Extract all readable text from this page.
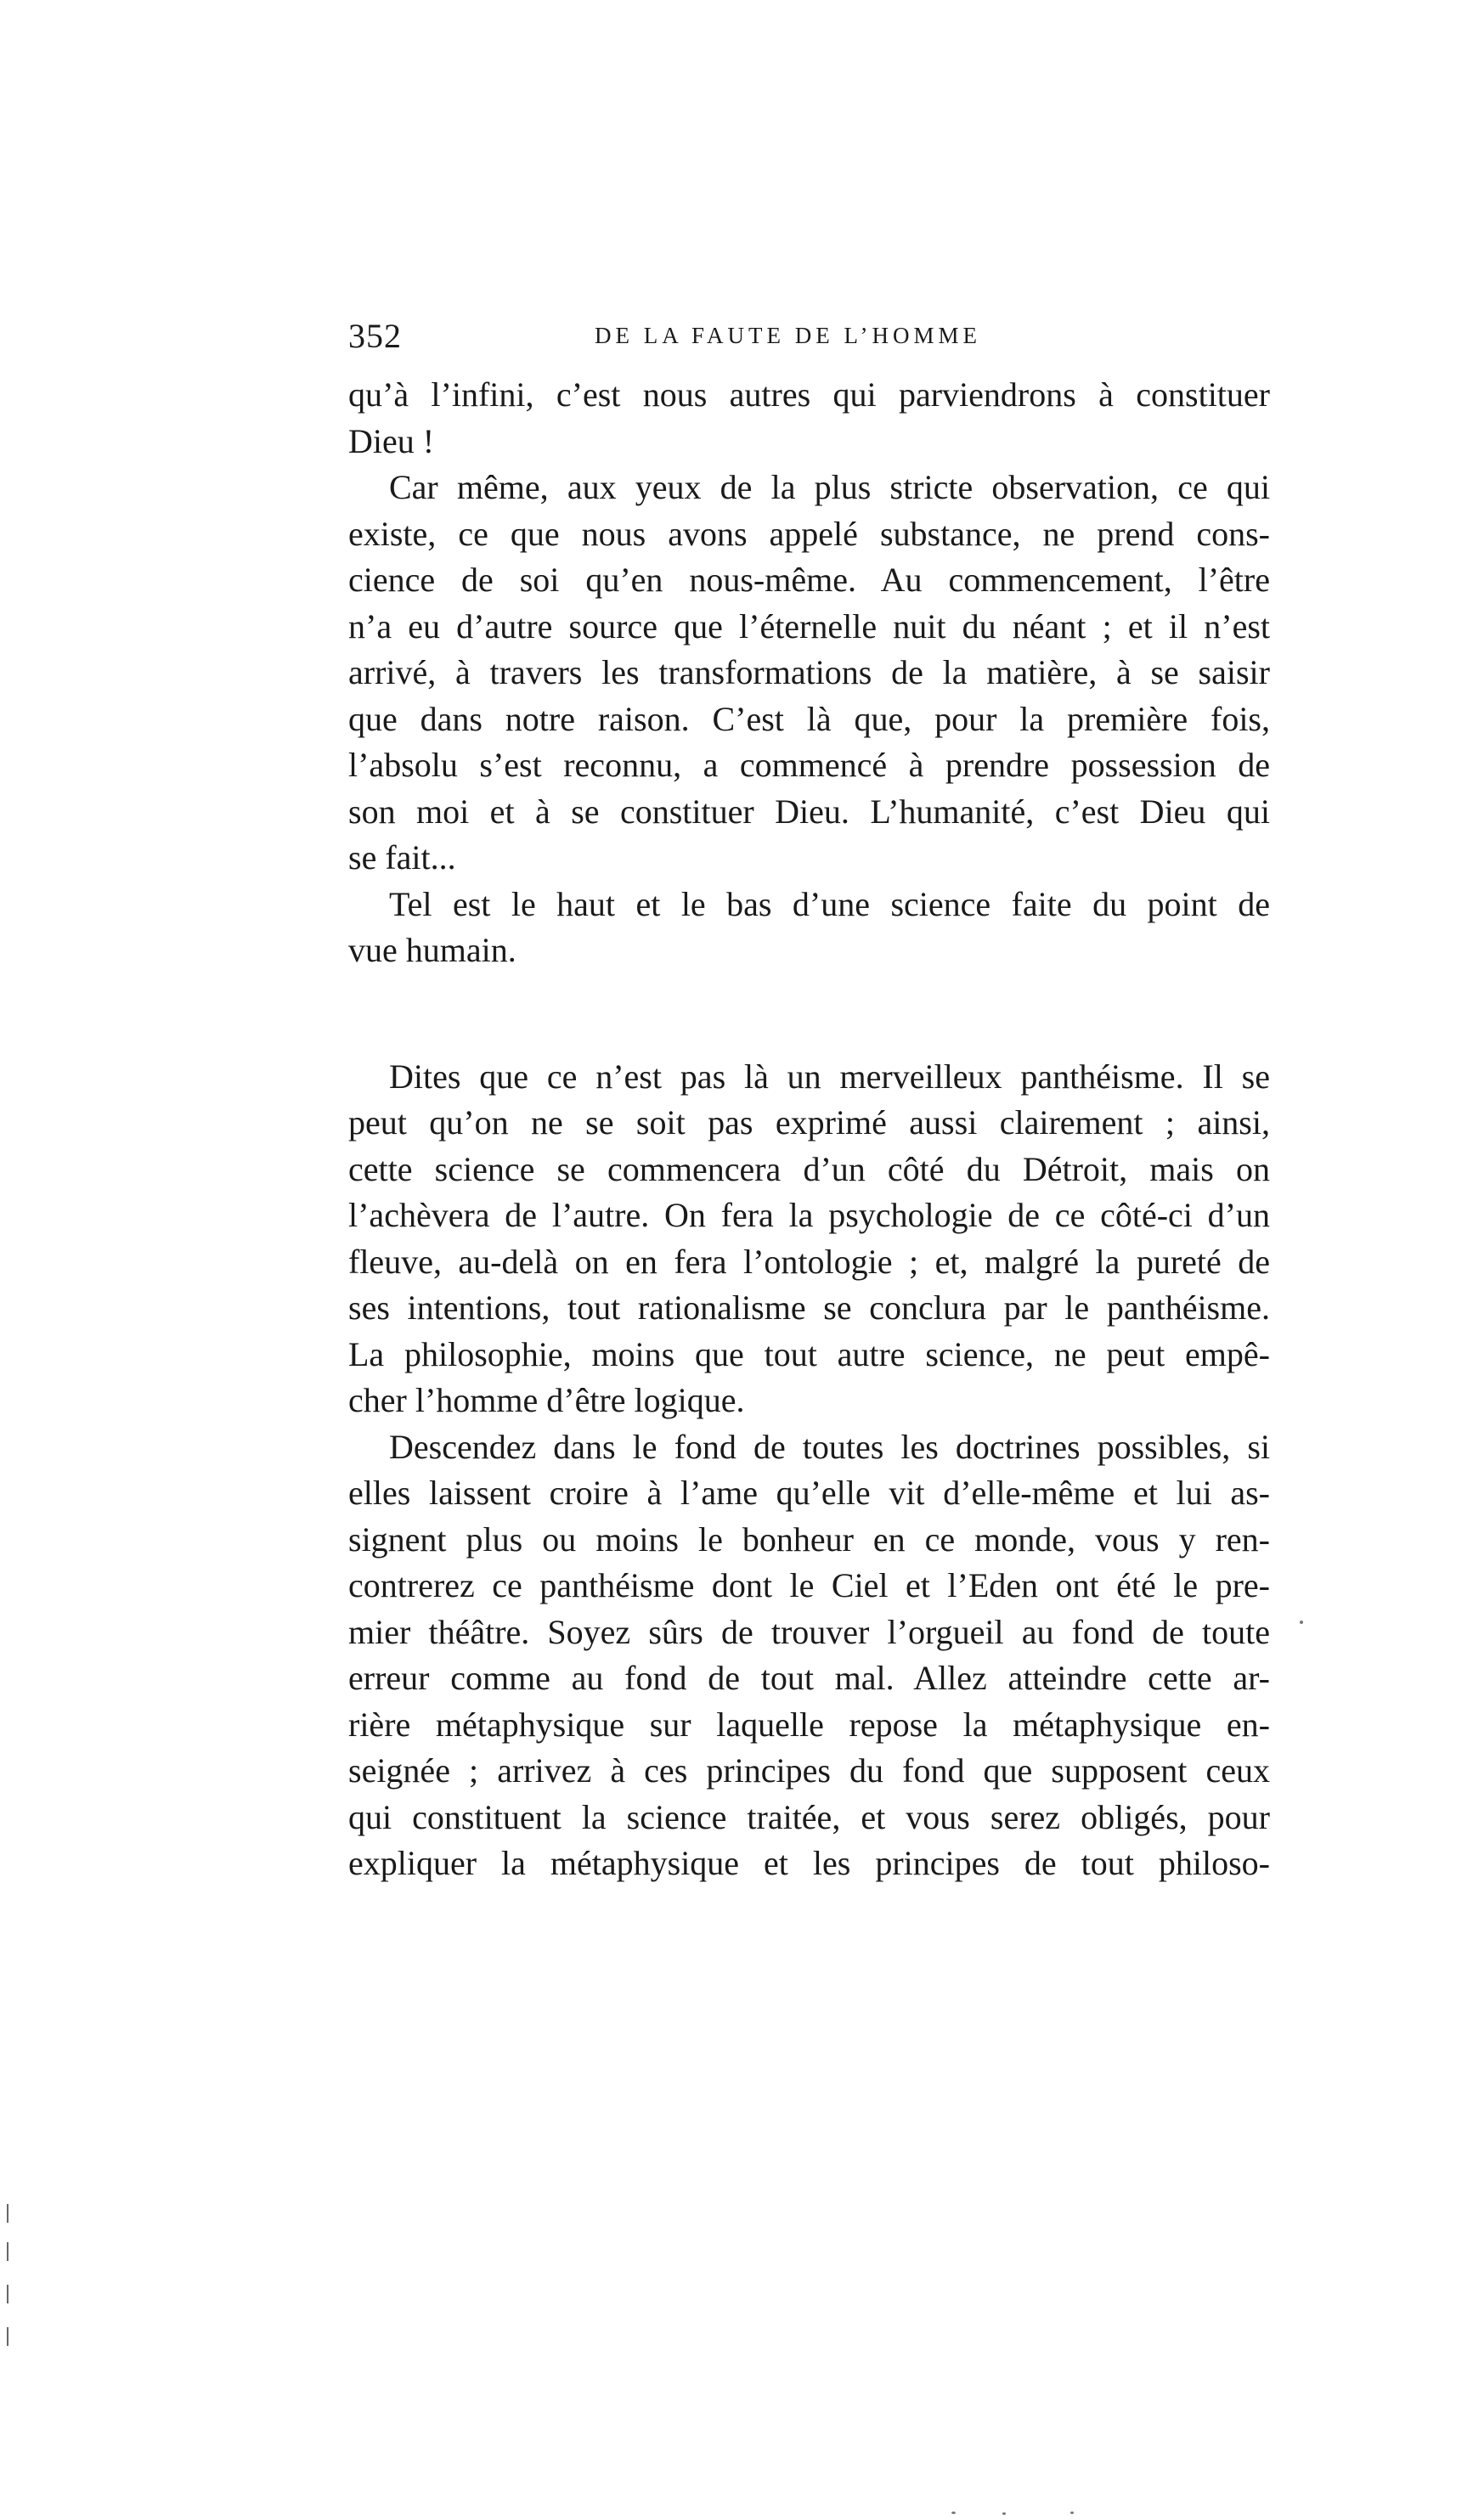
352	DE LA FAUTE DE L’HOMME
qu’à l’infini, c’est nous autres qui parviendrons à constituer
Dieu !
Car même, aux yeux de la plus stricte observation, ce qui
existe, ce que nous avons appelé substance, ne prend cons-
cience de soi qu’en nous-même. Au commencement, l’être
n’a eu d’autre source que l’éternelle nuit du néant ; et il n’est
arrivé, à travers les transformations de la matière, à se saisir
que dans notre raison. C’est là que, pour la première fois,
l’absolu s’est reconnu, a commencé à prendre possession de
son moi et à se constituer Dieu. L’humanité, c’est Dieu qui
se fait...
Tel est le haut et le bas d’une science faite du point de
vue humain.
Dites que ce n’est pas là un merveilleux panthéisme. Il se
peut qu’on ne se soit pas exprimé aussi clairement ; ainsi,
cette science se commencera d’un côté du Détroit, mais on
l’achèvera de l’autre. On fera la psychologie de ce côté-ci d’un
fleuve, au-delà on en fera l’ontologie ; et, malgré la pureté de
ses intentions, tout rationalisme se conclura par le panthéisme.
La philosophie, moins que tout autre science, ne peut empê-
cher l’homme d’être logique.
Descendez dans le fond de toutes les doctrines possibles, si
elles laissent croire à l’ame qu’elle vit d’elle-même et lui as-
signent plus ou moins le bonheur en ce monde, vous y ren-
contrerez ce panthéisme dont le Ciel et l’Eden ont été le pre-
mier théâtre. Soyez sûrs de trouver l’orgueil au fond de toute
erreur comme au fond de tout mal. Allez atteindre cette ar-
rière métaphysique sur laquelle repose la métaphysique en-
seignée ; arrivez à ces principes du fond que supposent ceux
qui constituent la science traitée, et vous serez obligés, pour
expliquer la métaphysique et les principes de tout philoso-
